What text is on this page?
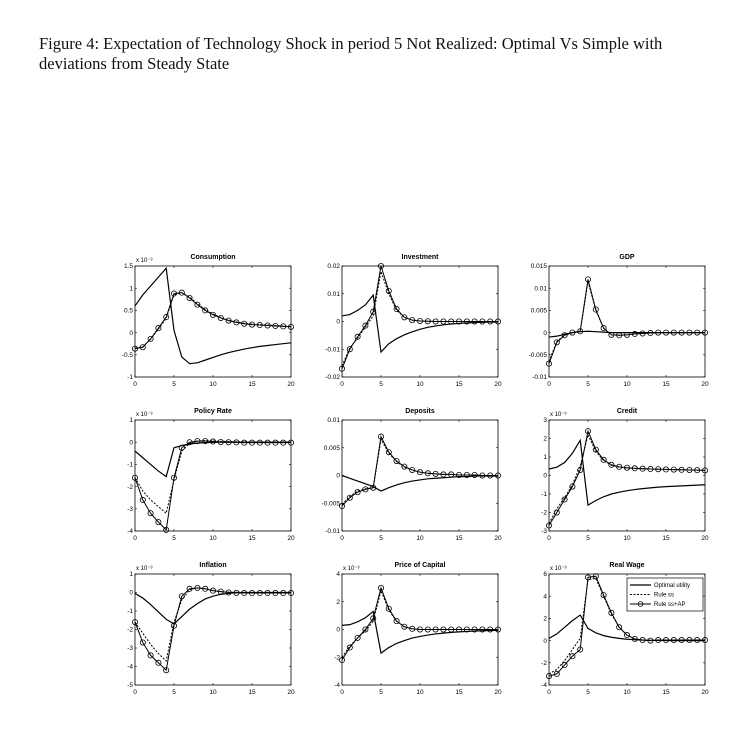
Figure 4: Expectation of Technology Shock in period 5 Not Realized: Optimal Vs Simple with deviations from Steady State
Consumption
x 10⁻³
0	5	10	15	20
-1
-0.5
0
0.5
1
1.5
Investment
0	5	10	15	20
-0.02
-0.01
0
0.01
0.02
GDP
0	5	10	15	20
-0.01
-0.005
0
0.005
0.01
0.015
Policy Rate
x 10⁻³
0	5	10	15	20
-4
-3
-2
-1
0
1
Deposits
0	5	10	15	20
-0.01
-0.005
0
0.005
0.01
Credit
x 10⁻³
0	5	10	15	20
-3
-2
-1
0
1
2
3
Inflation
x 10⁻³
0	5	10	15	20
-5
-4
-3
-2
-1
0
1
Price of Capital
x 10⁻³
0	5	10	15	20
-4
-2
0
2
4
Real Wage
x 10⁻³
0	5	10	15	20
-4
-2
0
2
4
6
Optimal utility
Rule ss
Rule ss+AP
